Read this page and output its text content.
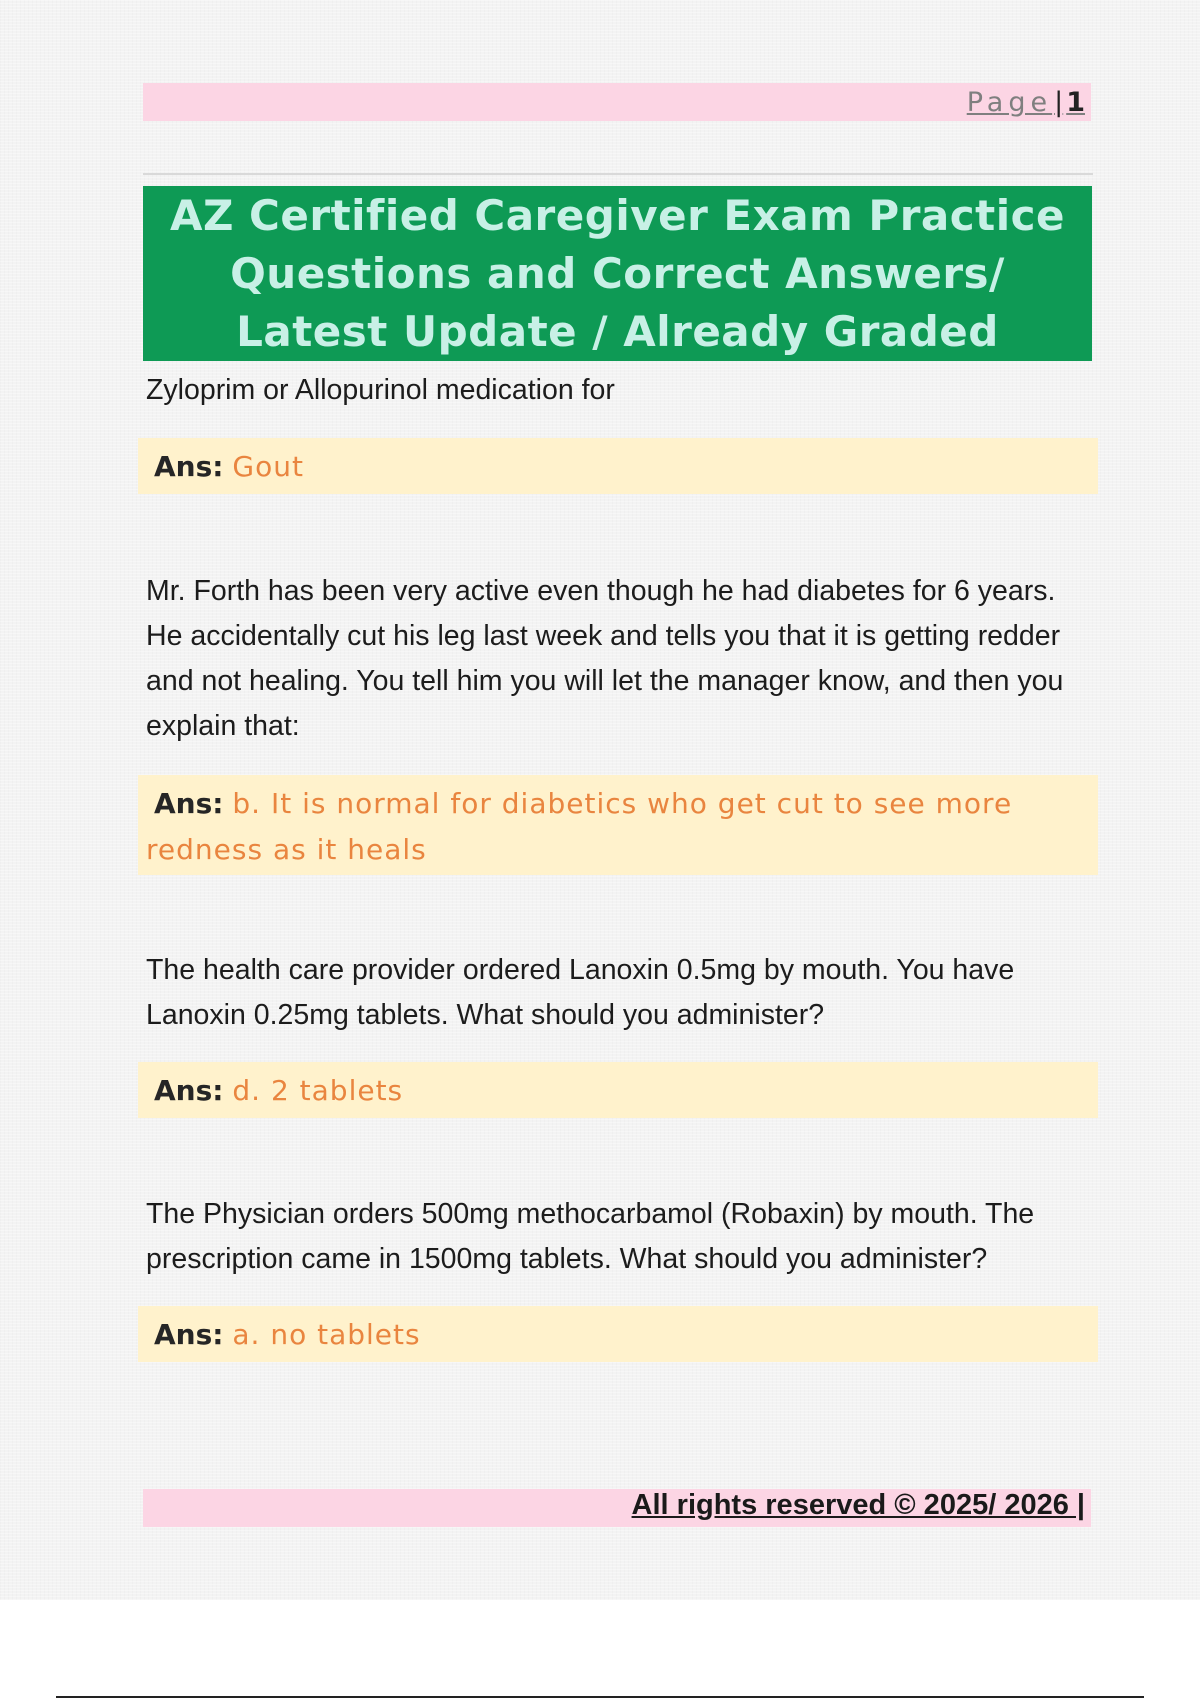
Page| 1
AZ Certified Caregiver Exam Practice Questions and Correct Answers/ Latest Update / Already Graded

Zyloprim or Allopurinol medication for

Ans: Gout

Mr. Forth has been very active even though he had diabetes for 6 years. He accidentally cut his leg last week and tells you that it is getting redder and not healing. You tell him you will let the manager know, and then you explain that:

Ans: b. It is normal for diabetics who get cut to see more redness as it heals

The health care provider ordered Lanoxin 0.5mg by mouth. You have Lanoxin 0.25mg tablets. What should you administer?

Ans: d. 2 tablets

The Physician orders 500mg methocarbamol (Robaxin) by mouth. The prescription came in 1500mg tablets. What should you administer?

Ans: a. no tablets
All rights reserved © 2025/ 2026 |
